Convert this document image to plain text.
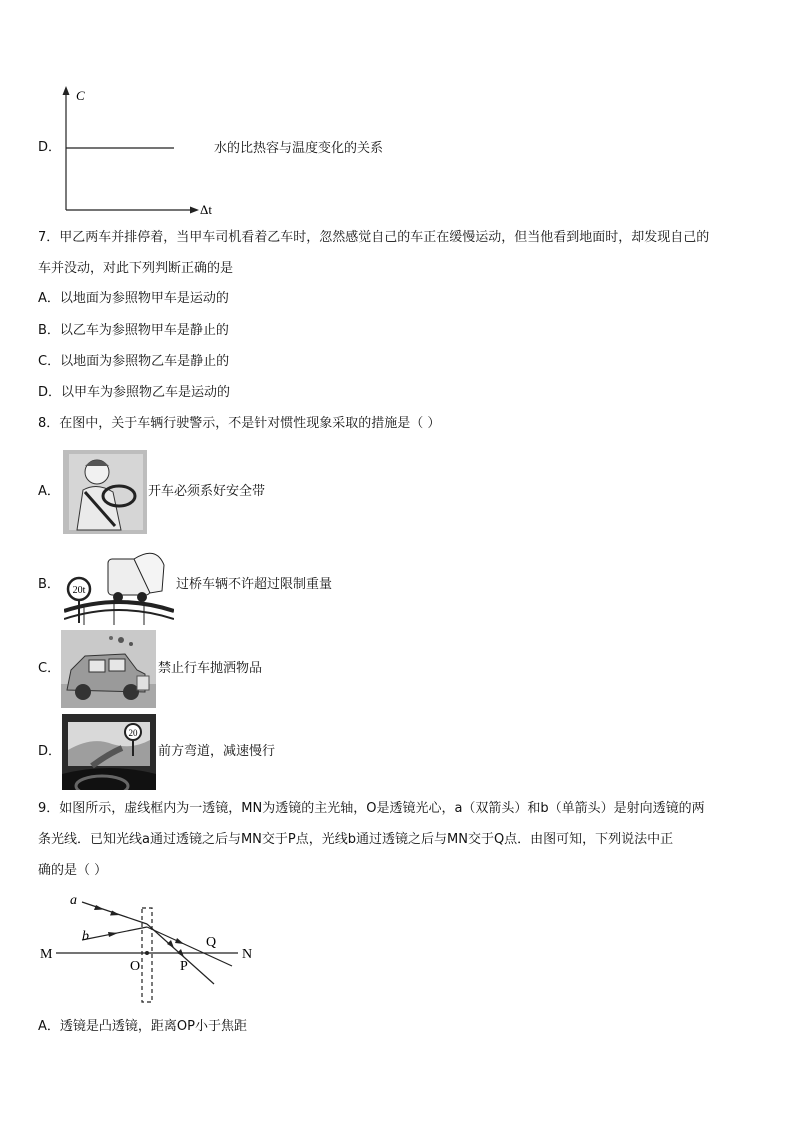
D．
C
Δt
水的比热容与温度变化的关系
7．甲乙两车并排停着，当甲车司机看着乙车时，忽然感觉自己的车正在缓慢运动，但当他看到地面时，却发现自己的
车并没动，对此下列判断正确的是
A．以地面为参照物甲车是运动的
B．以乙车为参照物甲车是静止的
C．以地面为参照物乙车是静止的
D．以甲车为参照物乙车是运动的
8．在图中，关于车辆行驶警示，不是针对惯性现象采取的措施是（ ）
A．	开车必须系好安全带
B． 20t	过桥车辆不许超过限制重量
C．	禁止行车抛洒物品
D．
20
前方弯道，减速慢行
9．如图所示，虚线框内为一透镜，MN为透镜的主光轴，O是透镜光心，a（双箭头）和b（单箭头）是射向透镜的两
条光线．已知光线a通过透镜之后与MN交于P点，光线b通过透镜之后与MN交于Q点．由图可知，下列说法中正
确的是（ ）
a
b
M
O	P
Q
N
A．透镜是凸透镜，距离OP小于焦距
